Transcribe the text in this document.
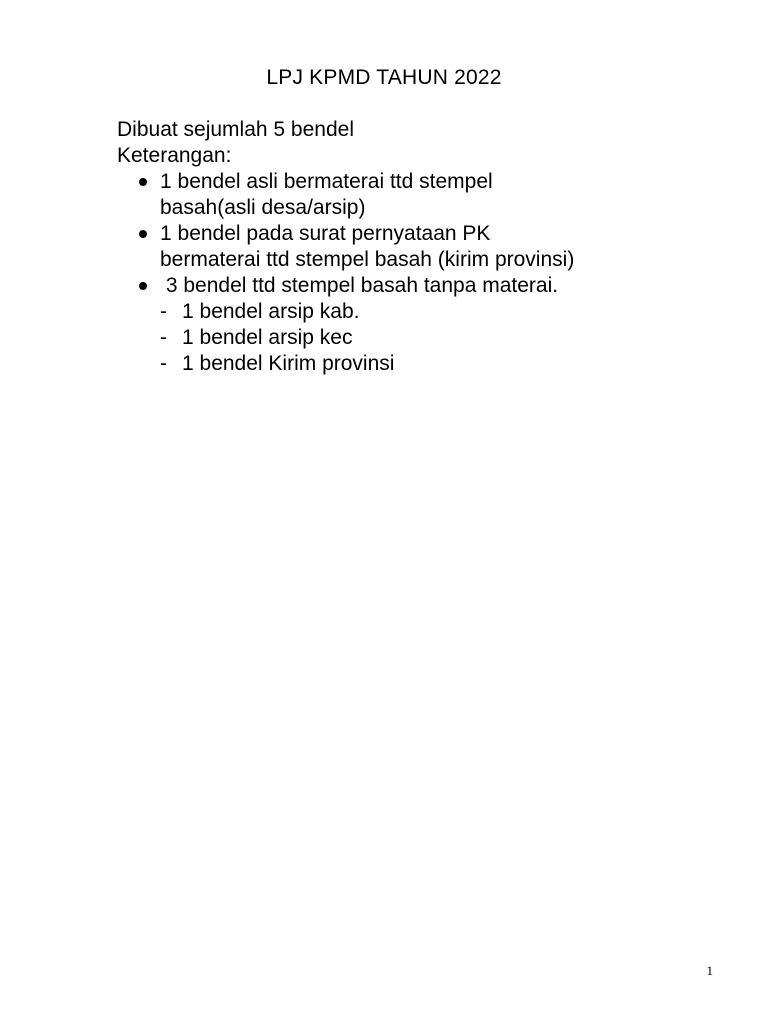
LPJ KPMD TAHUN 2022
Dibuat sejumlah 5 bendel
Keterangan:
1 bendel asli bermaterai ttd stempel
basah(asli desa/arsip)
1 bendel pada surat pernyataan PK
bermaterai ttd stempel basah (kirim provinsi)
3 bendel ttd stempel basah tanpa materai.
- 1 bendel arsip kab.
- 1 bendel arsip kec
- 1 bendel Kirim provinsi
1
